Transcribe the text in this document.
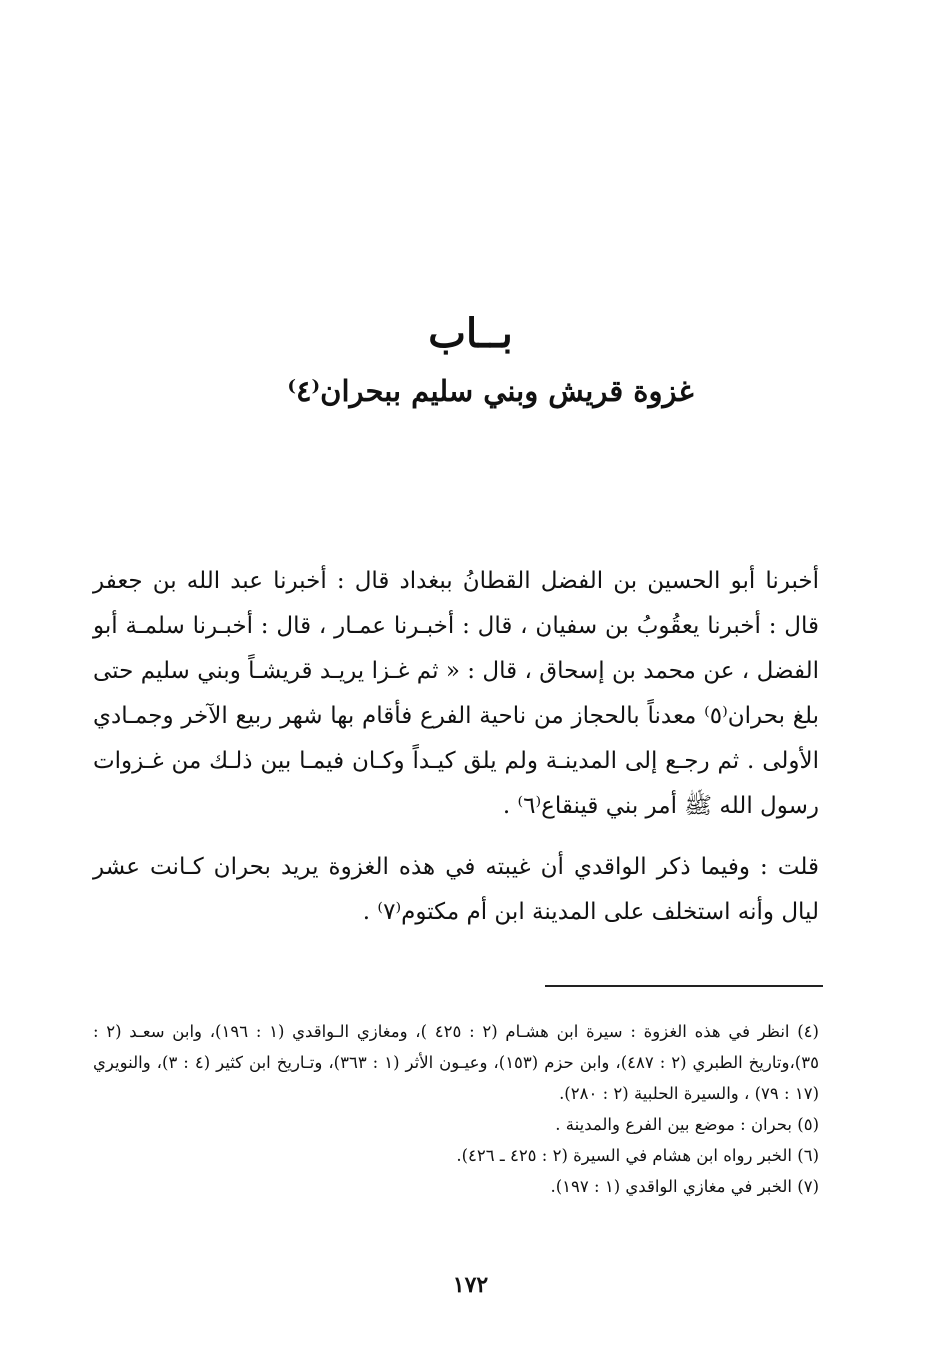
بــاب
غزوة قريش وبني سليم ببحران⁽٤⁾

أخبرنا أبو الحسين بن الفضل القطانُ ببغداد قال : أخبرنا عبد الله بن جعفر قال : أخبرنا يعقُوبُ بن سفيان ، قال : أخبـرنا عمـار ، قال : أخبـرنا سلمـة أبو الفضل ، عن محمد بن إسحاق ، قال : « ثم غـزا يريـد قريشـاً وبني سليم حتى بلغ بحران⁽٥⁾ معدناً بالحجاز من ناحية الفرع فأقام بها شهر ربيع الآخر وجمـادي الأولى . ثم رجـع إلى المدينـة ولم يلق كيـداً وكـان فيمـا بين ذلـك من غـزوات رسول الله ﷺ أمر بني قينقاع⁽٦⁾ .

قلت : وفيما ذكر الواقدي أن غيبته في هذه الغزوة يريد بحران كـانت عشر ليال وأنه استخلف على المدينة ابن أم مكتوم⁽٧⁾ .

(٤) انظر في هذه الغزوة : سيرة ابن هشـام (٢ : ٤٢٥ )، ومغازي الـواقدي (١ : ١٩٦)، وابن سعـد (٢ : ٣٥)،وتاريخ الطبري (٢ : ٤٨٧)، وابن حزم (١٥٣)، وعيـون الأثر (١ : ٣٦٣)، وتـاريخ ابن كثير (٤ : ٣)، والنويري (١٧ : ٧٩) ، والسيرة الحلبية (٢ : ٢٨٠).

(٥) بحران : موضع بين الفرع والمدينة .

(٦) الخبر رواه ابن هشام في السيرة (٢ : ٤٢٥ ـ ٤٢٦).

(٧) الخبر في مغازي الواقدي (١ : ١٩٧).

١٧٢
